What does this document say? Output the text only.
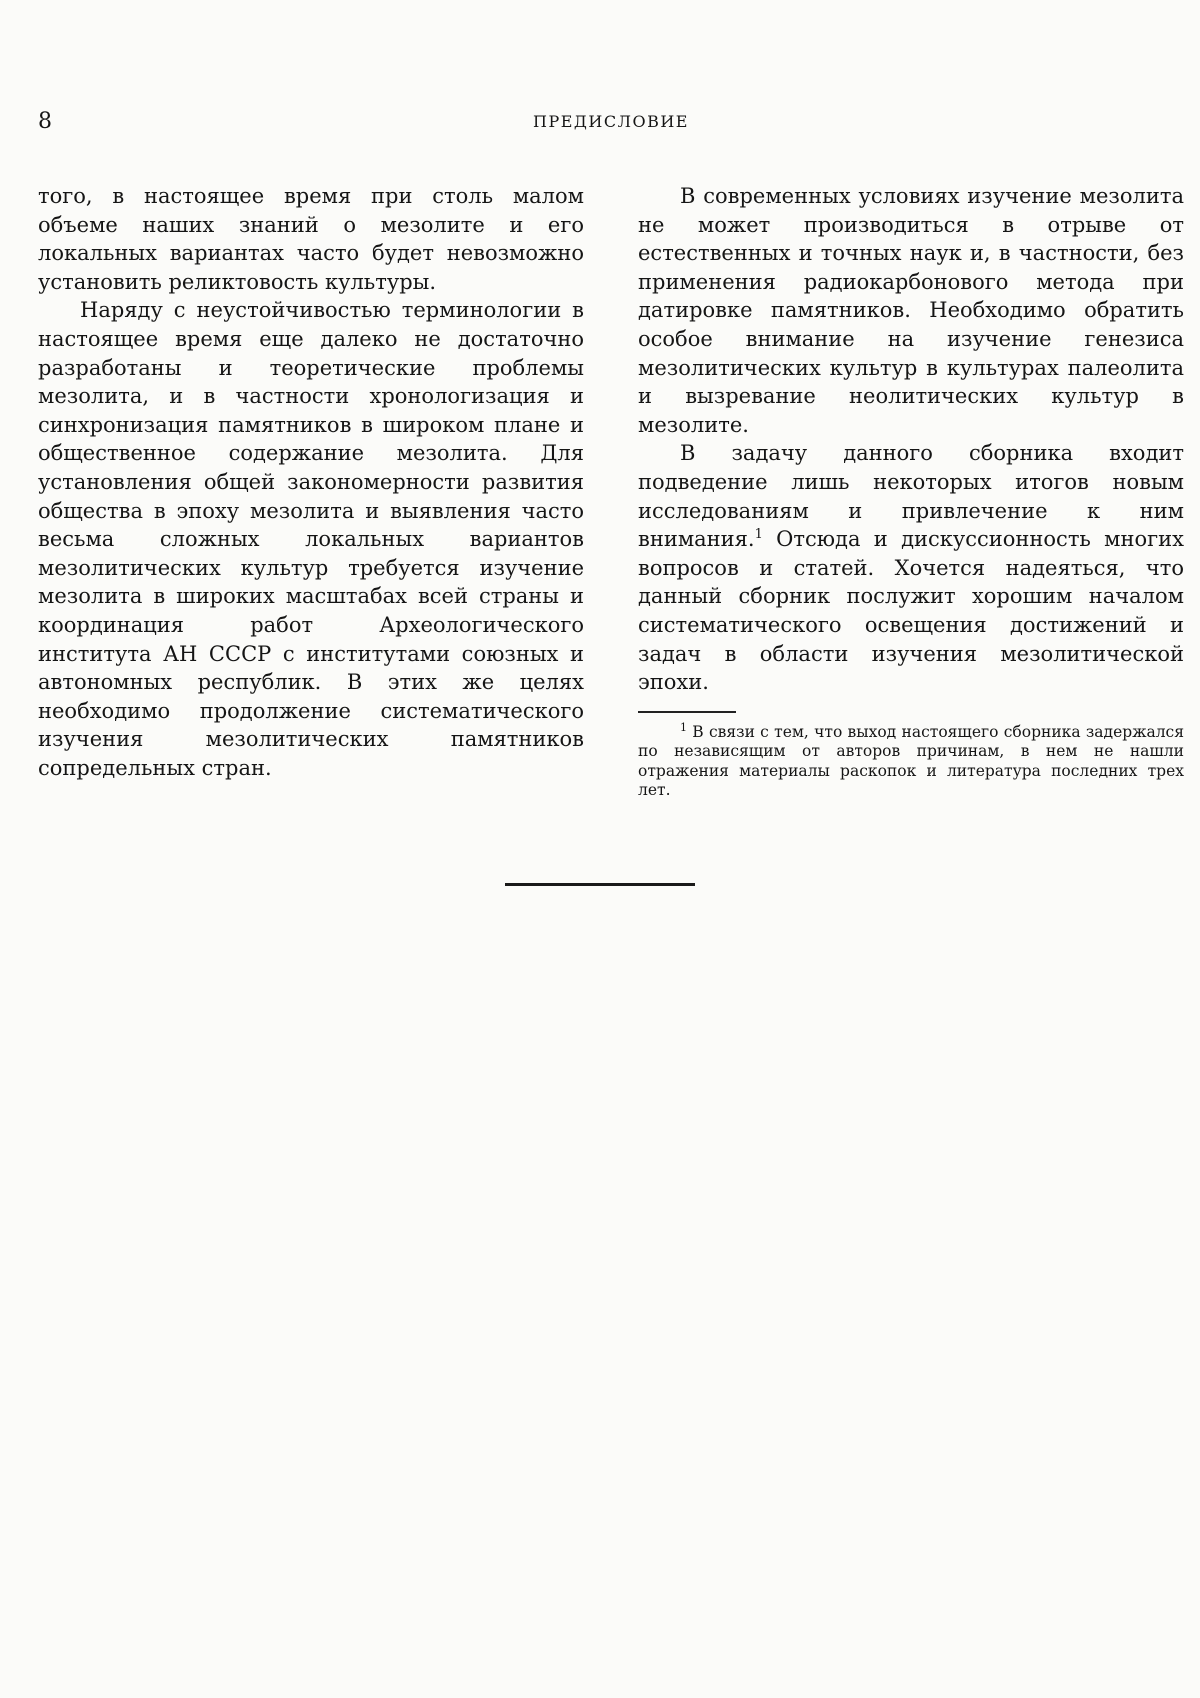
8	ПРЕДИСЛОВИЕ

того, в настоящее время при столь малом объеме наших знаний о мезолите и его локальных вариантах часто будет невозможно установить реликтовость культуры.

Наряду с неустойчивостью терминологии в настоящее время еще далеко не достаточно разработаны и теоретические проблемы мезолита, и в частности хронологизация и синхронизация памятников в широком плане и общественное содержание мезолита. Для установления общей закономерности развития общества в эпоху мезолита и выявления часто весьма сложных локальных вариантов мезолитических культур требуется изучение мезолита в широких масштабах всей страны и координация работ Археологического института АН СССР с институтами союзных и автономных республик. В этих же целях необходимо продолжение систематического изучения мезолитических памятников сопредельных стран.

В современных условиях изучение мезолита не может производиться в отрыве от естественных и точных наук и, в частности, без применения радиокарбонового метода при датировке памятников. Необходимо обратить особое внимание на изучение генезиса мезолитических культур в культурах палеолита и вызревание неолитических культур в мезолите.

В задачу данного сборника входит подведение лишь некоторых итогов новым исследованиям и привлечение к ним внимания.$^1$ Отсюда и дискуссионность многих вопросов и статей. Хочется надеяться, что данный сборник послужит хорошим началом систематического освещения достижений и задач в области изучения мезолитической эпохи.

$^1$ В связи с тем, что выход настоящего сборника задержался по независящим от авторов причинам, в нем не нашли отражения материалы раскопок и литература последних трех лет.
